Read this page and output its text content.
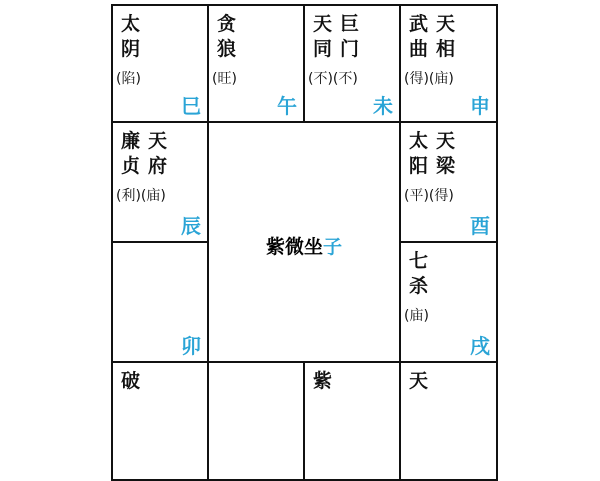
太阴
(陷)
巳
贪狼
(旺)
午
天同
巨门
(不)(不)
未
武曲
天相
(得)(庙)
申
廉贞
天府
(利)(庙)
辰
太阳
天梁
(平)(得)
酉
卯
七杀
(庙)
戌
破	紫	天
紫微坐 子
